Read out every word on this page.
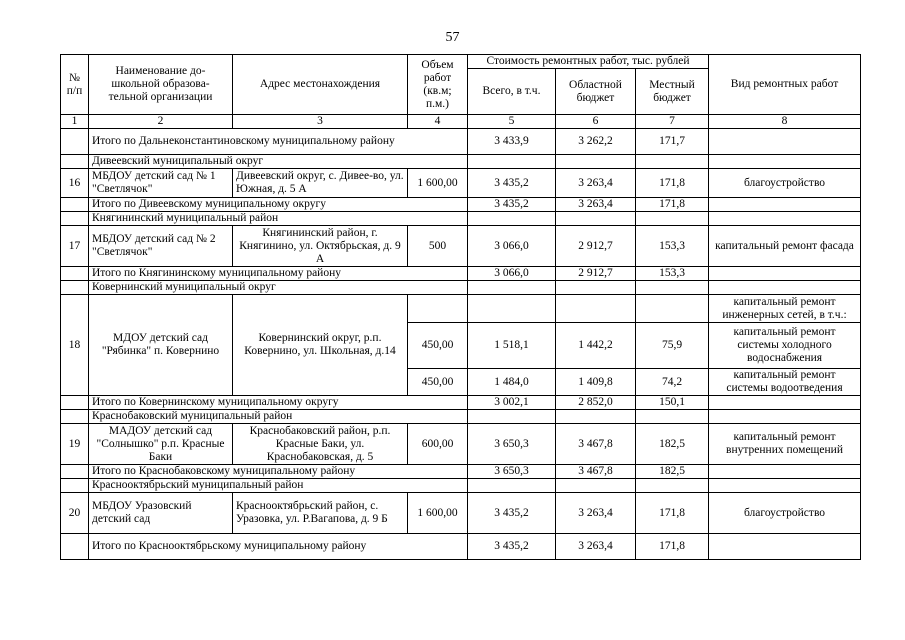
57
№ п/п	Наименование до-школьной образова-тельной организации	Адрес местонахождения	Объем работ (кв.м; п.м.)	Стоимость ремонтных работ, тыс. рублей			Вид ремонтных работ
				Всего, в т.ч.	Областной бюджет	Местный бюджет	
1	2	3	4	5	6	7	8
	Итого по Дальнеконстантиновскому муниципальному району			3 433,9	3 262,2	171,7	
	Дивеевский муниципальный округ						
16	МБДОУ детский сад № 1 "Светлячок"	Дивеевский округ, с. Дивее-во, ул. Южная, д. 5 А	1 600,00	3 435,2	3 263,4	171,8	благоустройство
	Итого по Дивеевскому муниципальному округу			3 435,2	3 263,4	171,8	
	Княгининский муниципальный район						
17	МБДОУ детский сад № 2 "Светлячок"	Княгининский район, г. Княгинино, ул. Октябрьская, д. 9 А	500	3 066,0	2 912,7	153,3	капитальный ремонт фасада
	Итого по Княгининскому муниципальному району			3 066,0	2 912,7	153,3	
	Ковернинский муниципальный округ						
18	МДОУ детский сад "Рябинка" п. Ковернино	Ковернинский округ, р.п. Ковернино, ул. Школьная, д.14					капитальный ремонт инженерных сетей, в т.ч.:
			450,00	1 518,1	1 442,2	75,9	капитальный ремонт системы холодного водоснабжения
			450,00	1 484,0	1 409,8	74,2	капитальный ремонт системы водоотведения
	Итого по Ковернинскому муниципальному округу			3 002,1	2 852,0	150,1	
	Краснобаковский муниципальный район						
19	МАДОУ детский сад "Солнышко" р.п. Красные Баки	Краснобаковский район, р.п. Красные Баки, ул. Краснобаковская, д. 5	600,00	3 650,3	3 467,8	182,5	капитальный ремонт внутренних помещений
	Итого по Краснобаковскому муниципальному району			3 650,3	3 467,8	182,5	
	Краснооктябрьский муниципальный район						
20	МБДОУ Уразовский детский сад	Краснооктябрьский район, с. Уразовка, ул. Р.Вагапова, д. 9 Б	1 600,00	3 435,2	3 263,4	171,8	благоустройство
	Итого по Краснооктябрьскому муниципальному району			3 435,2	3 263,4	171,8	
